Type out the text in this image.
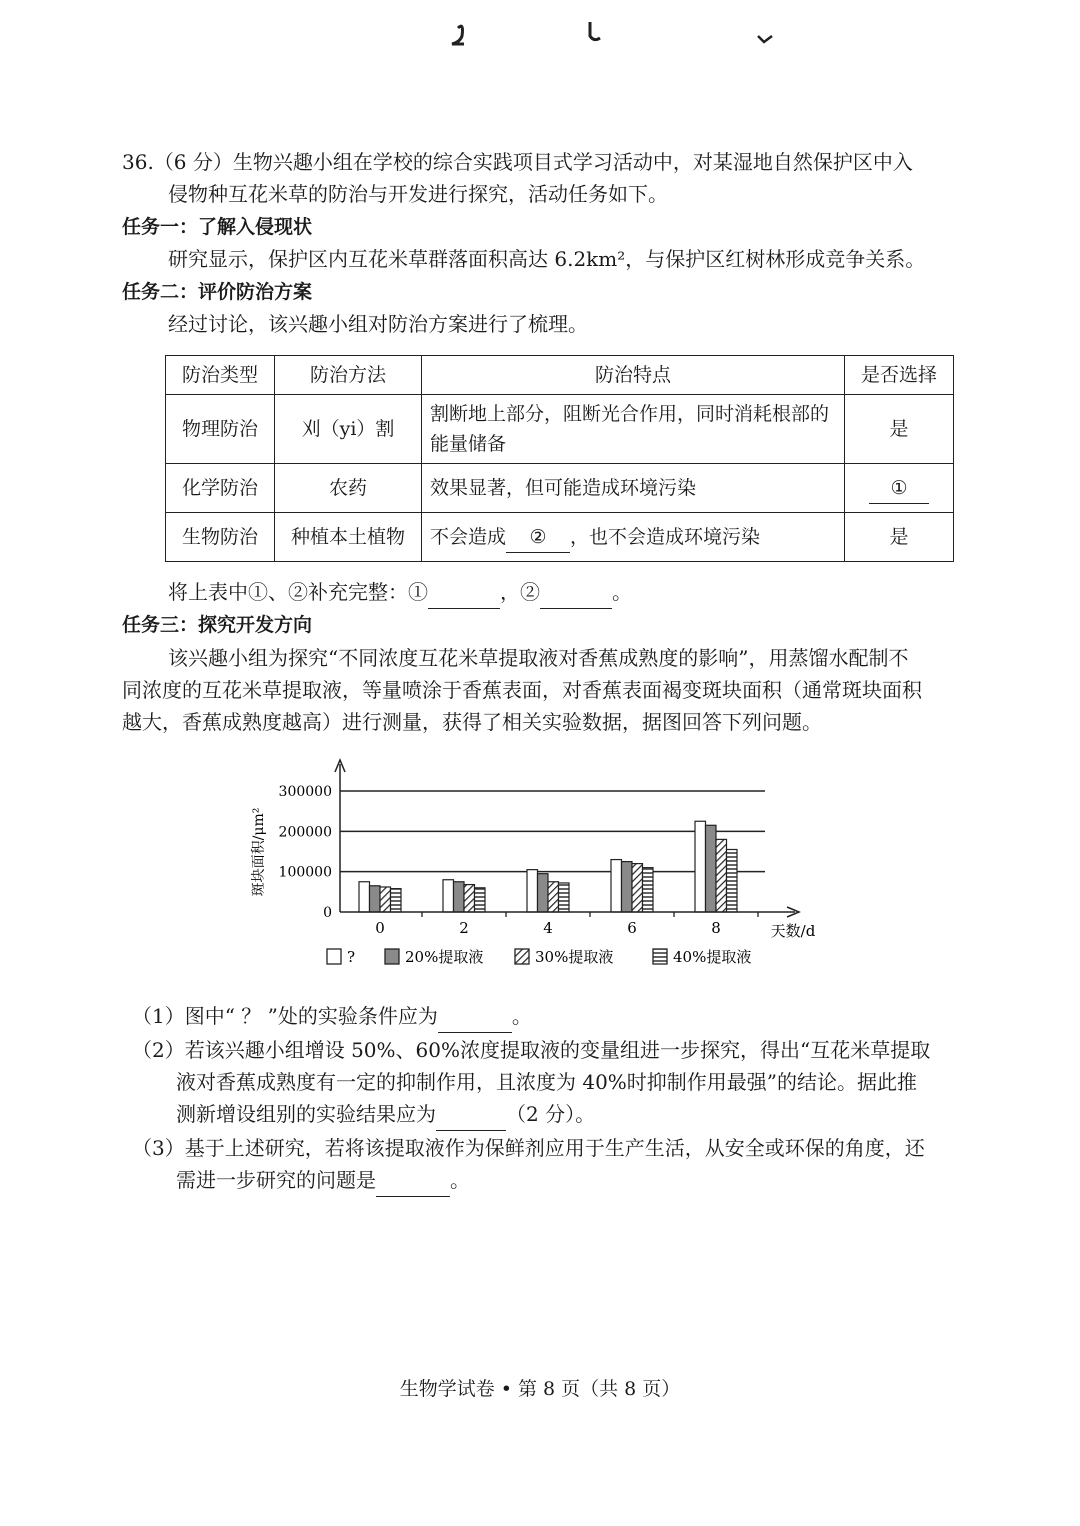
36.（6 分）生物兴趣小组在学校的综合实践项目式学习活动中，对某湿地自然保护区中入
侵物种互花米草的防治与开发进行探究，活动任务如下。
任务一：了解入侵现状
研究显示，保护区内互花米草群落面积高达 6.2km²，与保护区红树林形成竞争关系。
任务二：评价防治方案
经过讨论，该兴趣小组对防治方案进行了梳理。
防治类型	防治方法	防治特点	是否选择
物理防治	刈（yi）割	割断地上部分，阻断光合作用，同时消耗根部的能量储备	是
化学防治	农药	效果显著，但可能造成环境污染	①
生物防治	种植本土植物	不会造成 ② ，也不会造成环境污染	是
将上表中①、②补充完整：①	，②	。
任务三：探究开发方向
该兴趣小组为探究“不同浓度互花米草提取液对香蕉成熟度的影响”，用蒸馏水配制不
同浓度的互花米草提取液，等量喷涂于香蕉表面，对香蕉表面褐变斑块面积（通常斑块面积
越大，香蕉成熟度越高）进行测量，获得了相关实验数据，据图回答下列问题。
斑块面积/μm²
0
100000
200000
300000
0	2	4	6	8	天数/d
?	20%提取液	30%提取液	40%提取液
（1）图中“ ？ ”处的实验条件应为	。
（2）若该兴趣小组增设 50%、60%浓度提取液的变量组进一步探究，得出“互花米草提取
液对香蕉成熟度有一定的抑制作用，且浓度为 40%时抑制作用最强”的结论。据此推
测新增设组别的实验结果应为	（2 分）。
（3）基于上述研究，若将该提取液作为保鲜剂应用于生产生活，从安全或环保的角度，还
需进一步研究的问题是	。
生物学试卷 • 第 8 页（共 8 页）
